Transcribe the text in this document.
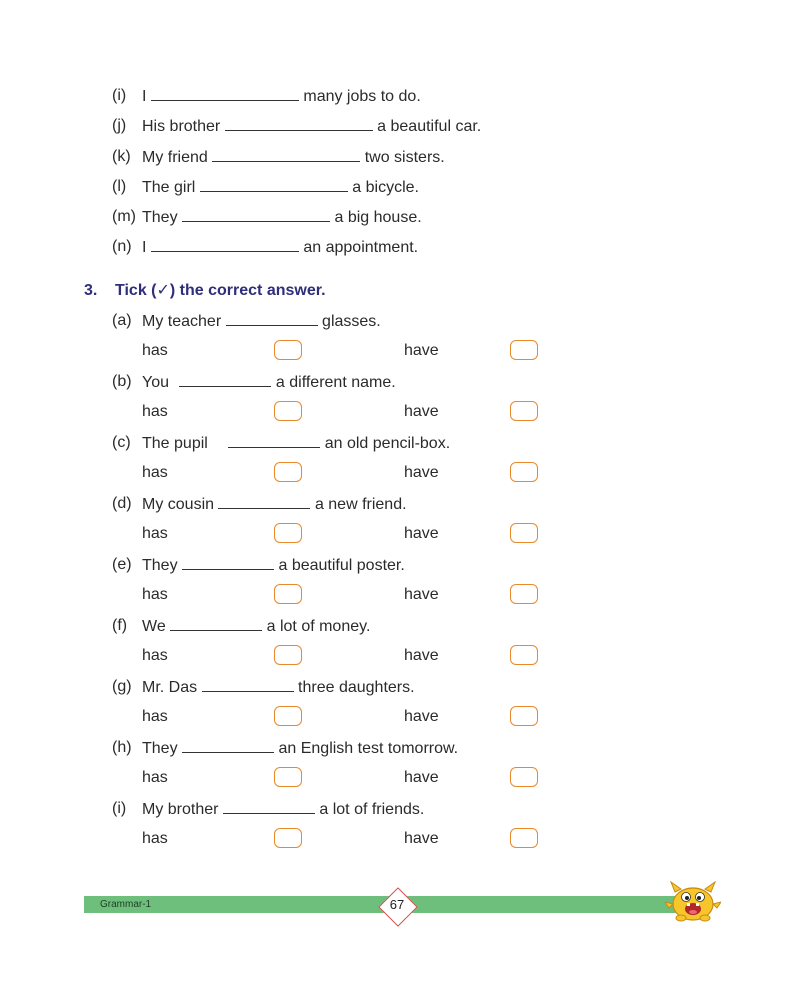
(i) I	many jobs to do.
(j) His brother	a beautiful car.
(k) My friend	two sisters.
(l) The girl	a bicycle.
(m) They	a big house.
(n) I	an appointment.
3. Tick (✓) the correct answer.
(a) My teacher	glasses.
has	have
(b) You	a different name.
has	have
(c) The pupil	an old pencil-box.
has	have
(d) My cousin	a new friend.
has	have
(e) They	a beautiful poster.
has	have
(f) We	a lot of money.
has	have
(g) Mr. Das	three daughters.
has	have
(h) They	an English test tomorrow.
has	have
(i) My brother	a lot of friends.
has	have
Grammar-1	67
